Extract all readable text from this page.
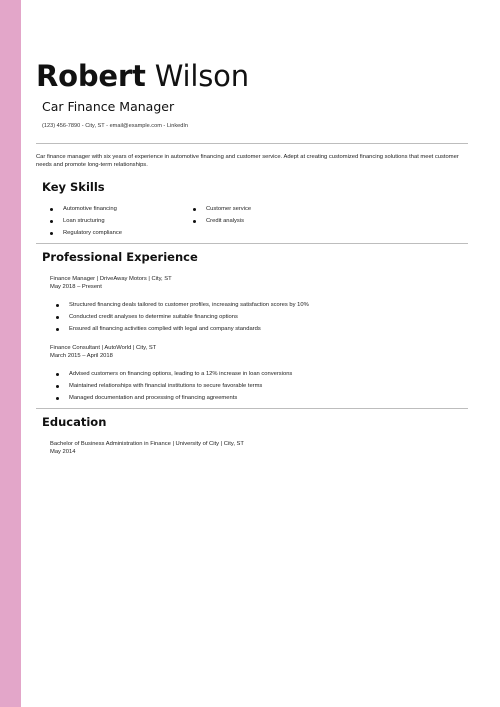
Robert Wilson
Car Finance Manager
(123) 456-7890 - City, ST - email@example.com - LinkedIn
Car finance manager with six years of experience in automotive financing and customer service. Adept at creating customized financing solutions that meet customer needs and promote long-term relationships.
Key Skills
Automotive financing	Customer service
Loan structuring	Credit analysis
Regulatory compliance
Professional Experience
Finance Manager | DriveAway Motors | City, ST
May 2018 – Present
Structured financing deals tailored to customer profiles, increasing satisfaction scores by 10%
Conducted credit analyses to determine suitable financing options
Ensured all financing activities complied with legal and company standards
Finance Consultant | AutoWorld | City, ST
March 2015 – April 2018
Advised customers on financing options, leading to a 12% increase in loan conversions
Maintained relationships with financial institutions to secure favorable terms
Managed documentation and processing of financing agreements
Education
Bachelor of Business Administration in Finance | University of City | City, ST
May 2014
